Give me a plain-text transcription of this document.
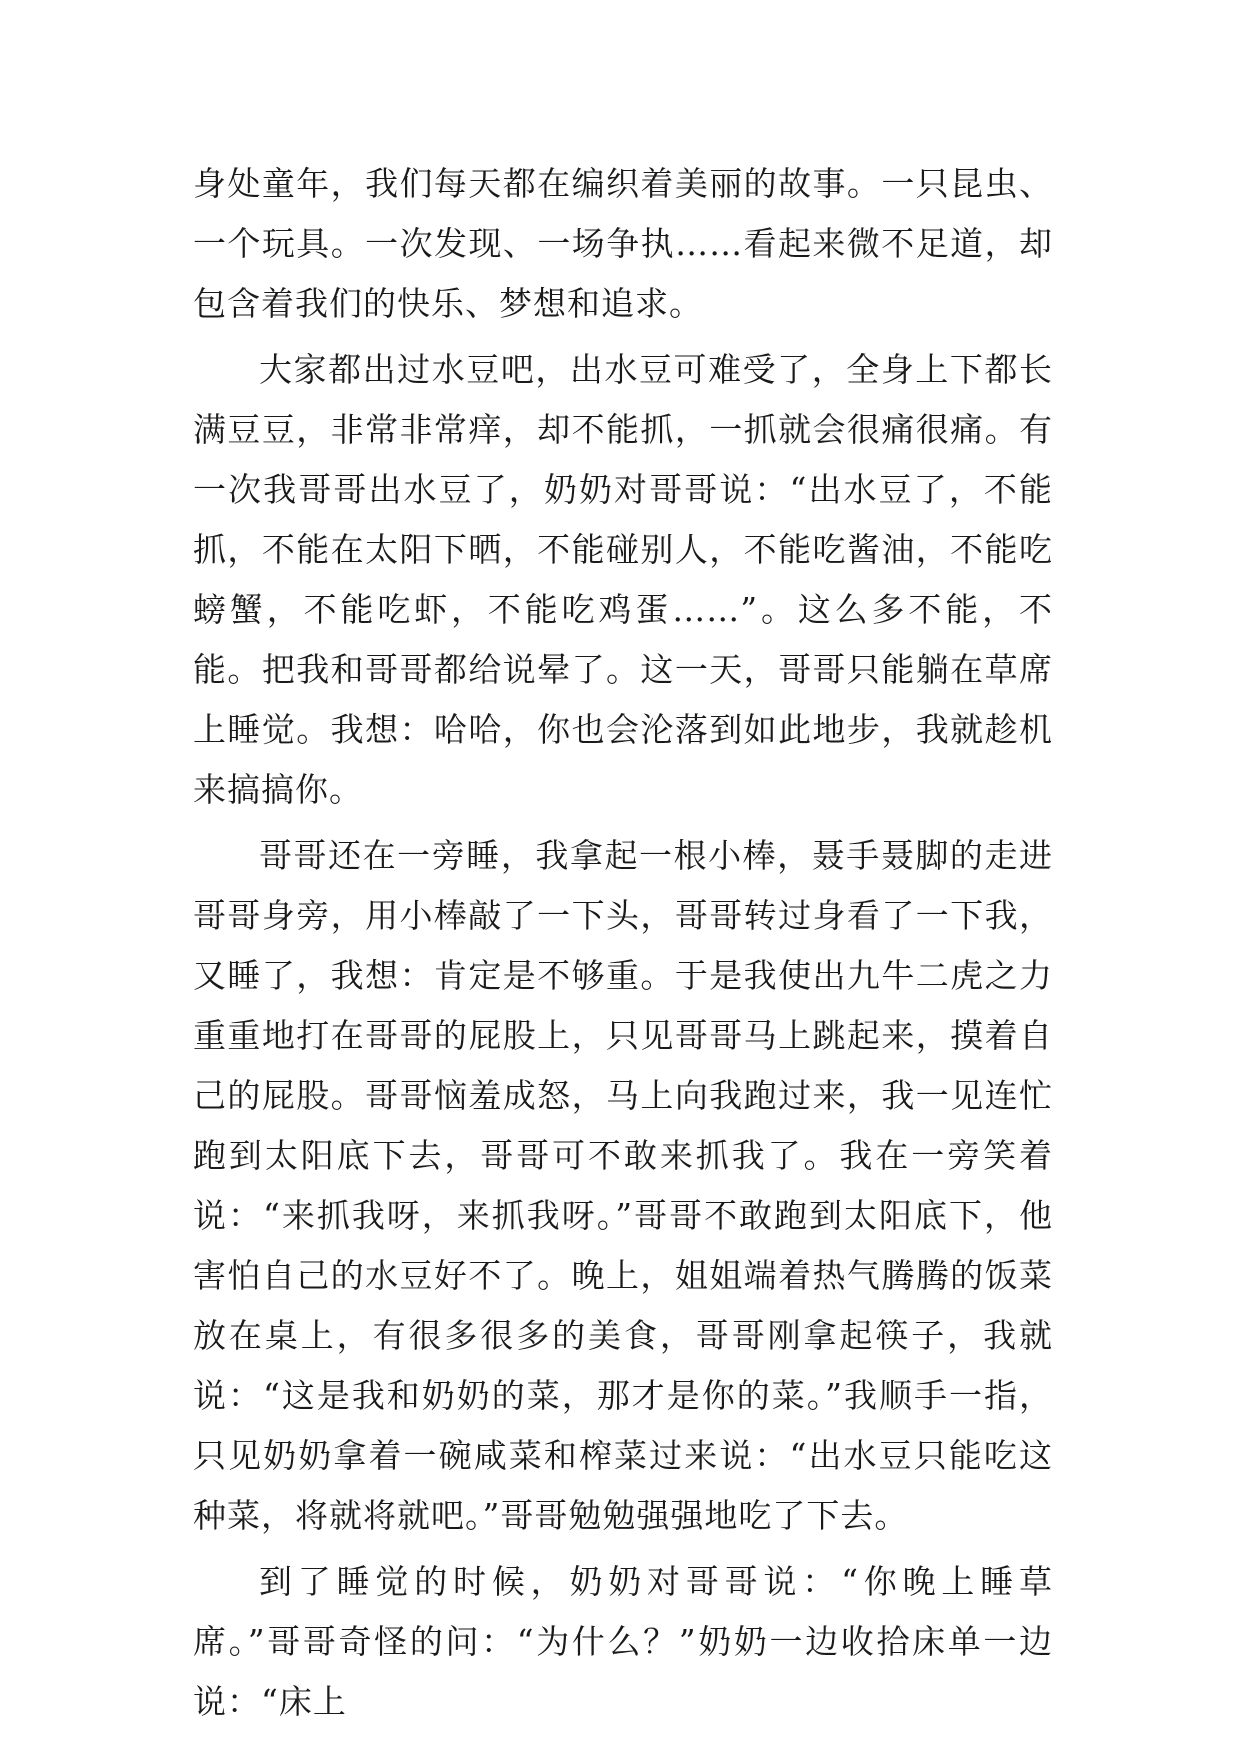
身处童年，我们每天都在编织着美丽的故事。一只昆虫、一个玩具。一次发现、一场争执……看起来微不足道，却包含着我们的快乐、梦想和追求。

大家都出过水豆吧，出水豆可难受了，全身上下都长满豆豆，非常非常痒，却不能抓，一抓就会很痛很痛。有一次我哥哥出水豆了，奶奶对哥哥说：“出水豆了，不能抓，不能在太阳下晒，不能碰别人，不能吃酱油，不能吃螃蟹，不能吃虾，不能吃鸡蛋……”。这么多不能，不能。把我和哥哥都给说晕了。这一天，哥哥只能躺在草席上睡觉。我想：哈哈，你也会沦落到如此地步，我就趁机来搞搞你。

哥哥还在一旁睡，我拿起一根小棒，聂手聂脚的走进哥哥身旁，用小棒敲了一下头，哥哥转过身看了一下我，又睡了，我想：肯定是不够重。于是我使出九牛二虎之力重重地打在哥哥的屁股上，只见哥哥马上跳起来，摸着自己的屁股。哥哥恼羞成怒，马上向我跑过来，我一见连忙跑到太阳底下去，哥哥可不敢来抓我了。我在一旁笑着说：“来抓我呀，来抓我呀。”哥哥不敢跑到太阳底下，他害怕自己的水豆好不了。晚上，姐姐端着热气腾腾的饭菜放在桌上，有很多很多的美食，哥哥刚拿起筷子，我就说：“这是我和奶奶的菜，那才是你的菜。”我顺手一指，只见奶奶拿着一碗咸菜和榨菜过来说：“出水豆只能吃这种菜，将就将就吧。”哥哥勉勉强强地吃了下去。

到了睡觉的时候，奶奶对哥哥说：“你晚上睡草席。”哥哥奇怪的问：“为什么？”奶奶一边收拾床单一边说：“床上
